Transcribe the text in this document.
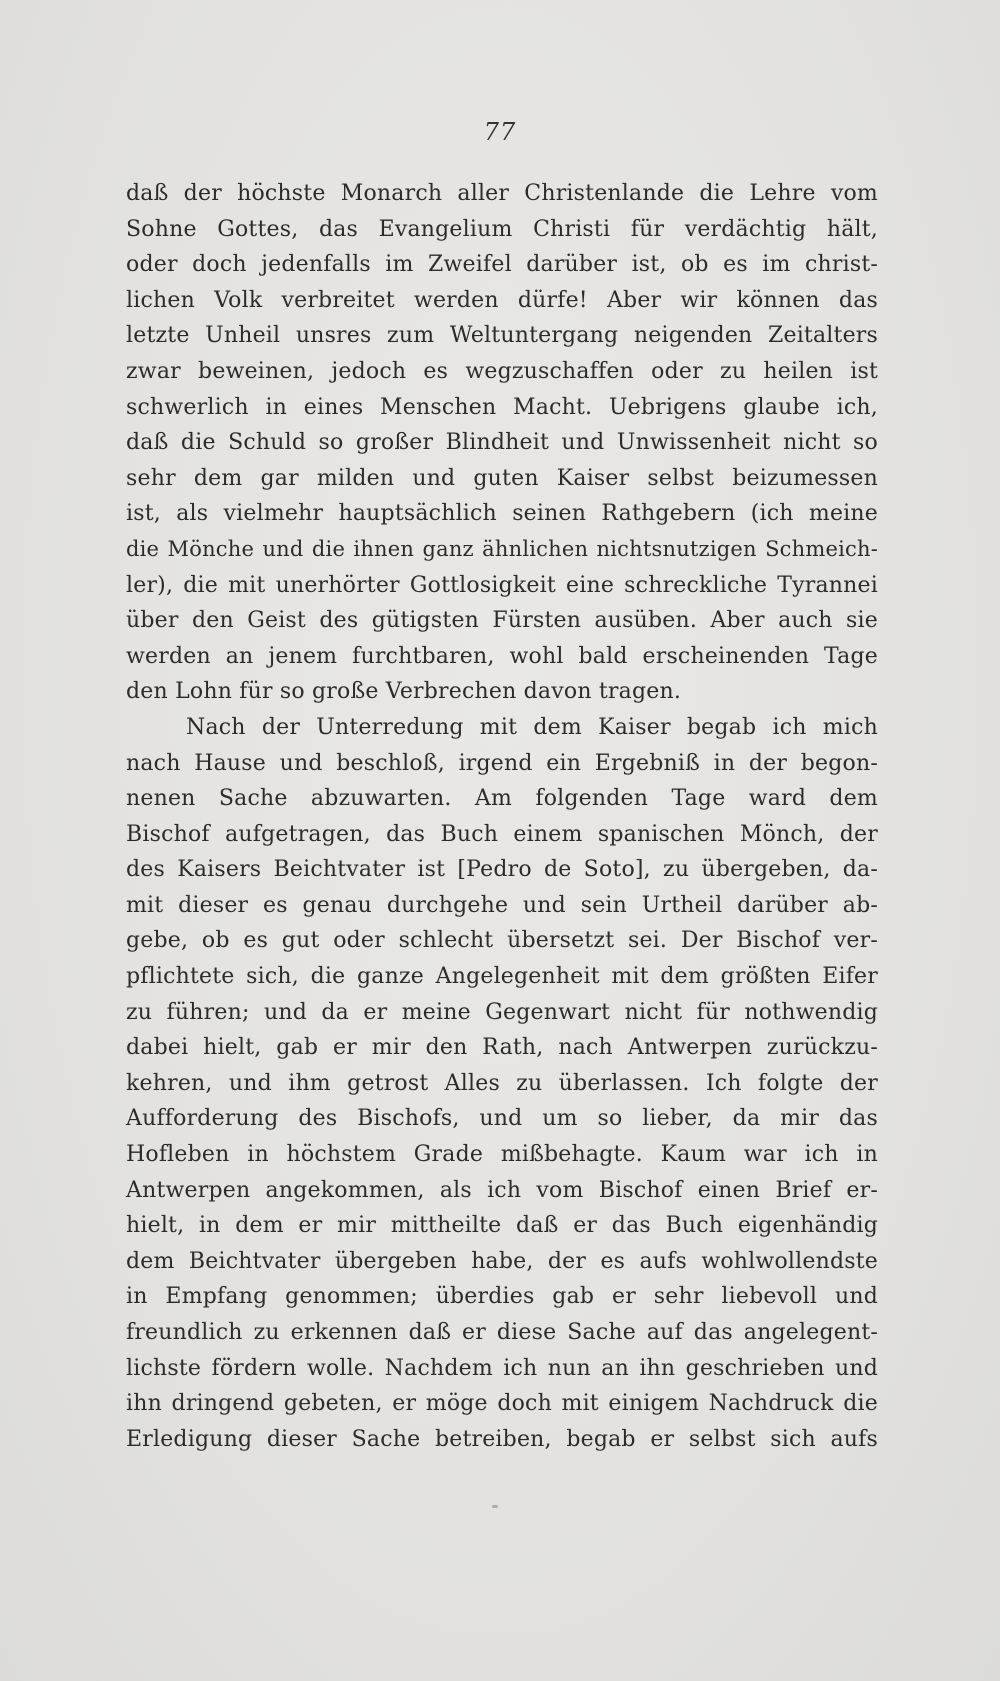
77
daß der höchste Monarch aller Christenlande die Lehre vom
Sohne Gottes, das Evangelium Christi für verdächtig hält,
oder doch jedenfalls im Zweifel darüber ist, ob es im christ-
lichen Volk verbreitet werden dürfe! Aber wir können das
letzte Unheil unsres zum Weltuntergang neigenden Zeitalters
zwar beweinen, jedoch es wegzuschaffen oder zu heilen ist
schwerlich in eines Menschen Macht. Uebrigens glaube ich,
daß die Schuld so großer Blindheit und Unwissenheit nicht so
sehr dem gar milden und guten Kaiser selbst beizumessen
ist, als vielmehr hauptsächlich seinen Rathgebern (ich meine
die Mönche und die ihnen ganz ähnlichen nichtsnutzigen Schmeich-
ler), die mit unerhörter Gottlosigkeit eine schreckliche Tyrannei
über den Geist des gütigsten Fürsten ausüben. Aber auch sie
werden an jenem furchtbaren, wohl bald erscheinenden Tage
den Lohn für so große Verbrechen davon tragen.
Nach der Unterredung mit dem Kaiser begab ich mich
nach Hause und beschloß, irgend ein Ergebniß in der begon-
nenen Sache abzuwarten. Am folgenden Tage ward dem
Bischof aufgetragen, das Buch einem spanischen Mönch, der
des Kaisers Beichtvater ist [Pedro de Soto], zu übergeben, da-
mit dieser es genau durchgehe und sein Urtheil darüber ab-
gebe, ob es gut oder schlecht übersetzt sei. Der Bischof ver-
pflichtete sich, die ganze Angelegenheit mit dem größten Eifer
zu führen; und da er meine Gegenwart nicht für nothwendig
dabei hielt, gab er mir den Rath, nach Antwerpen zurückzu-
kehren, und ihm getrost Alles zu überlassen. Ich folgte der
Aufforderung des Bischofs, und um so lieber, da mir das
Hofleben in höchstem Grade mißbehagte. Kaum war ich in
Antwerpen angekommen, als ich vom Bischof einen Brief er-
hielt, in dem er mir mittheilte daß er das Buch eigenhändig
dem Beichtvater übergeben habe, der es aufs wohlwollendste
in Empfang genommen; überdies gab er sehr liebevoll und
freundlich zu erkennen daß er diese Sache auf das angelegent-
lichste fördern wolle. Nachdem ich nun an ihn geschrieben und
ihn dringend gebeten, er möge doch mit einigem Nachdruck die
Erledigung dieser Sache betreiben, begab er selbst sich aufs
